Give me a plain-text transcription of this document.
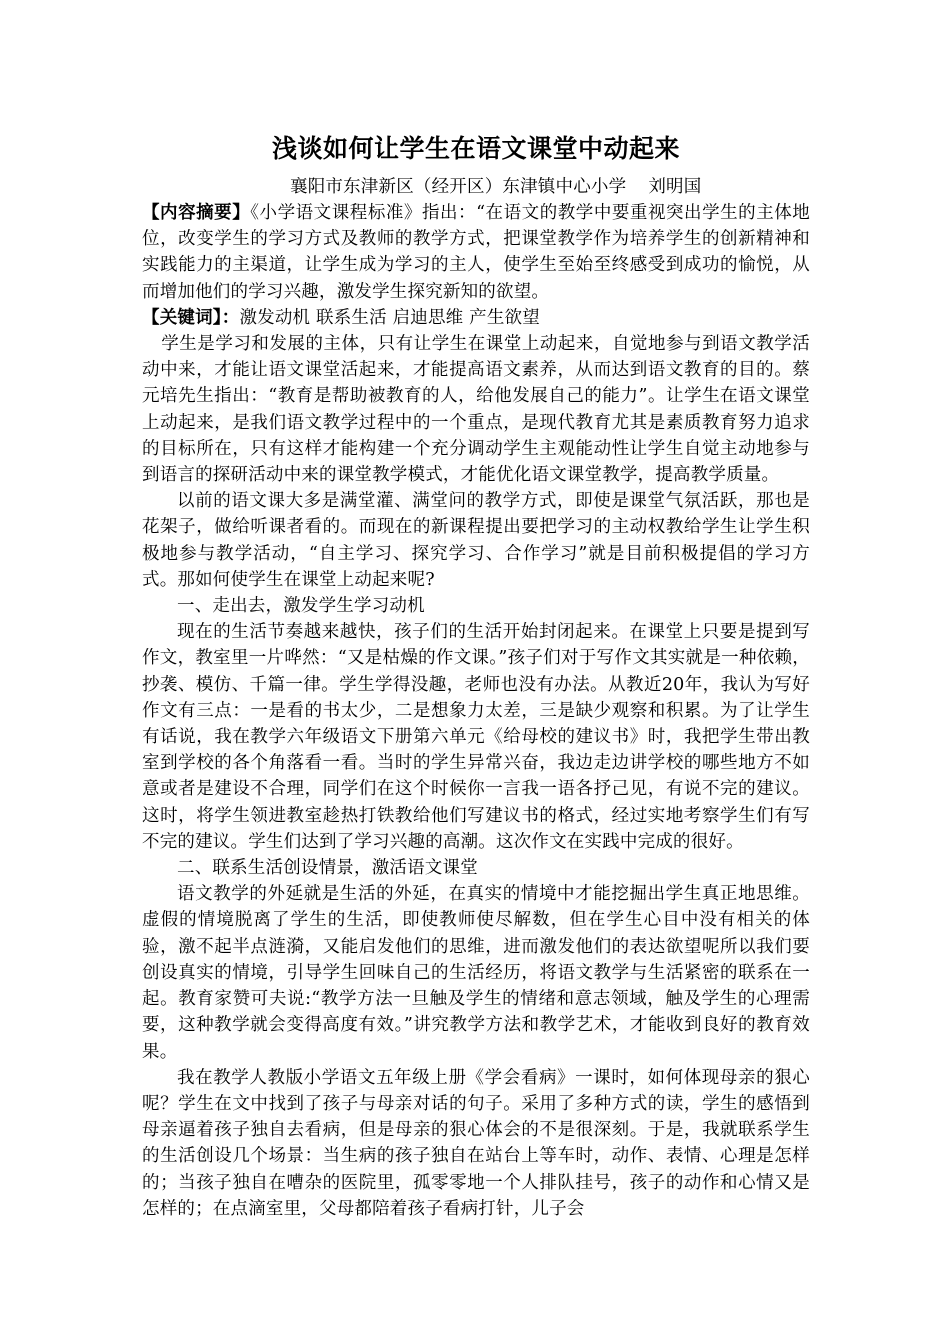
浅谈如何让学生在语文课堂中动起来

襄阳市东津新区（经开区）东津镇中心小学 刘明国

【内容摘要】《小学语文课程标准》指出：“在语文的教学中要重视突出学生的主体地位，改变学生的学习方式及教师的教学方式，把课堂教学作为培养学生的创新精神和实践能力的主渠道，让学生成为学习的主人，使学生至始至终感受到成功的愉悦，从而增加他们的学习兴趣，激发学生探究新知的欲望。

【关键词】：激发动机 联系生活 启迪思维 产生欲望

学生是学习和发展的主体，只有让学生在课堂上动起来，自觉地参与到语文教学活动中来，才能让语文课堂活起来，才能提高语文素养，从而达到语文教育的目的。蔡元培先生指出：“教育是帮助被教育的人，给他发展自己的能力”。让学生在语文课堂上动起来，是我们语文教学过程中的一个重点，是现代教育尤其是素质教育努力追求的目标所在，只有这样才能构建一个充分调动学生主观能动性让学生自觉主动地参与到语言的探研活动中来的课堂教学模式，才能优化语文课堂教学，提高教学质量。

以前的语文课大多是满堂灌、满堂问的教学方式，即使是课堂气氛活跃，那也是花架子，做给听课者看的。而现在的新课程提出要把学习的主动权教给学生让学生积极地参与教学活动，“自主学习、探究学习、合作学习”就是目前积极提倡的学习方式。那如何使学生在课堂上动起来呢?

一、走出去，激发学生学习动机

现在的生活节奏越来越快，孩子们的生活开始封闭起来。在课堂上只要是提到写作文，教室里一片哗然：“又是枯燥的作文课。”孩子们对于写作文其实就是一种依赖，抄袭、模仿、千篇一律。学生学得没趣，老师也没有办法。从教近20年，我认为写好作文有三点：一是看的书太少，二是想象力太差，三是缺少观察和积累。为了让学生有话说，我在教学六年级语文下册第六单元《给母校的建议书》时，我把学生带出教室到学校的各个角落看一看。当时的学生异常兴奋，我边走边讲学校的哪些地方不如意或者是建设不合理，同学们在这个时候你一言我一语各抒己见，有说不完的建议。这时，将学生领进教室趁热打铁教给他们写建议书的格式，经过实地考察学生们有写不完的建议。学生们达到了学习兴趣的高潮。这次作文在实践中完成的很好。

二、联系生活创设情景，激活语文课堂

语文教学的外延就是生活的外延，在真实的情境中才能挖掘出学生真正地思维。虚假的情境脱离了学生的生活，即使教师使尽解数，但在学生心目中没有相关的体验，激不起半点涟漪，又能启发他们的思维，进而激发他们的表达欲望呢所以我们要创设真实的情境，引导学生回味自己的生活经历，将语文教学与生活紧密的联系在一起。教育家赞可夫说:“教学方法一旦触及学生的情绪和意志领域，触及学生的心理需要，这种教学就会变得高度有效。”讲究教学方法和教学艺术，才能收到良好的教育效果。

我在教学人教版小学语文五年级上册《学会看病》一课时，如何体现母亲的狠心呢？学生在文中找到了孩子与母亲对话的句子。采用了多种方式的读，学生的感悟到母亲逼着孩子独自去看病，但是母亲的狠心体会的不是很深刻。于是，我就联系学生的生活创设几个场景：当生病的孩子独自在站台上等车时，动作、表情、心理是怎样的；当孩子独自在嘈杂的医院里，孤零零地一个人排队挂号，孩子的动作和心情又是怎样的；在点滴室里，父母都陪着孩子看病打针，儿子会
